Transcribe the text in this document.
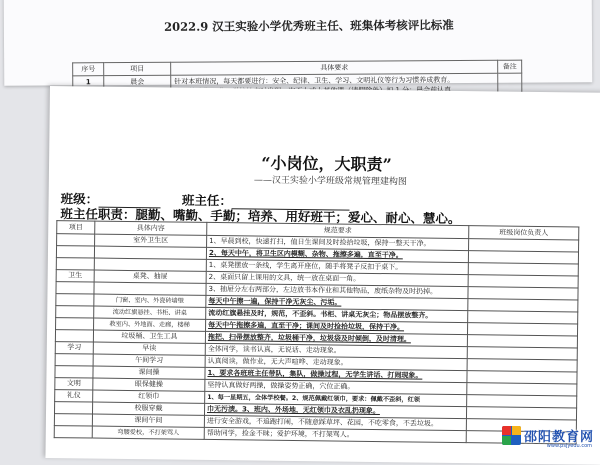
2022.9 汉王实验小学优秀班主任、班集体考核评比标准
序号	项目	具体要求	备注
1	晨会	针对本班情况，每天都要进行：安全、纪律、卫生、学习、文明礼仪等行为习惯养成教育。	

“小岗位，大职责”
——汉王实验小学班级常规管理建构图
班级：	班主任：
班主任职责：腿勤、嘴勤、手勤；培养、用好班干；爱心、耐心、慧心。
项目	具体内容	规范要求	班级岗位负责人
	室外卫生区	1、早晨到校，快速打扫，值日生课间及时捡拾垃圾，保持一整天干净。	
		2、每天中午，将卫生区内模糊、杂物、拖擦多遍，直至干净。	
		1、桌凳摆放一条线，学生离开座位，随手将凳子反扣于桌下。	
卫生	桌凳、抽屉	2、桌面只留上课用的文具，统一放在桌面一角。	
		3、抽屉分左右两部分，左边放书本作业和其他物品，废纸杂物及时扔掉。	
	门窗、室内、外瓷砖墙壁	每天中午擦一遍，保持干净无灰尘、污垢。	
	流动红旗悬挂、书柜、讲桌	流动红旗悬挂及时，规范，不歪斜。书柜、讲桌无灰尘；物品摆放整齐。	
	教室内、外地面、走廊，楼梯	每天中午拖擦多遍，直至干净；课间及时捡拾垃圾，保持干净。	
	垃圾桶、卫生工具	拖把、扫帚摆放整齐，垃圾桶干净，垃圾袋及时倾倒，及时清理。	
学习	早读	全体同学，读书认真，无说话、走动现象。	
	午间学习	认真阅读，做作业，无大声喧哗、走动现象。	
	课间操	1、要求各班班主任带队，集队，做操过程，无学生讲话、打闹现象。	
文明	眼保健操	坚持认真做好两操，做操姿势正确，穴位正确。	
礼仪	红领巾	1、每一星期五，全体学校餐。2、规范佩戴红领巾，要求：佩戴不歪斜，红领	
	校服穿戴	巾无污渍。3、班内、外场地，无红领巾及衣乱扔现象。	
	课间午间	进行安全游戏，不追跑打闹，不随意踩草坪、花园，不吃零食，不丢垃圾。	
	弯腰爱校，不打架骂人	帮助同学，捡金不昧；爱护环境，不打架骂人。		邵阳教育网
www.psjyedu.com
